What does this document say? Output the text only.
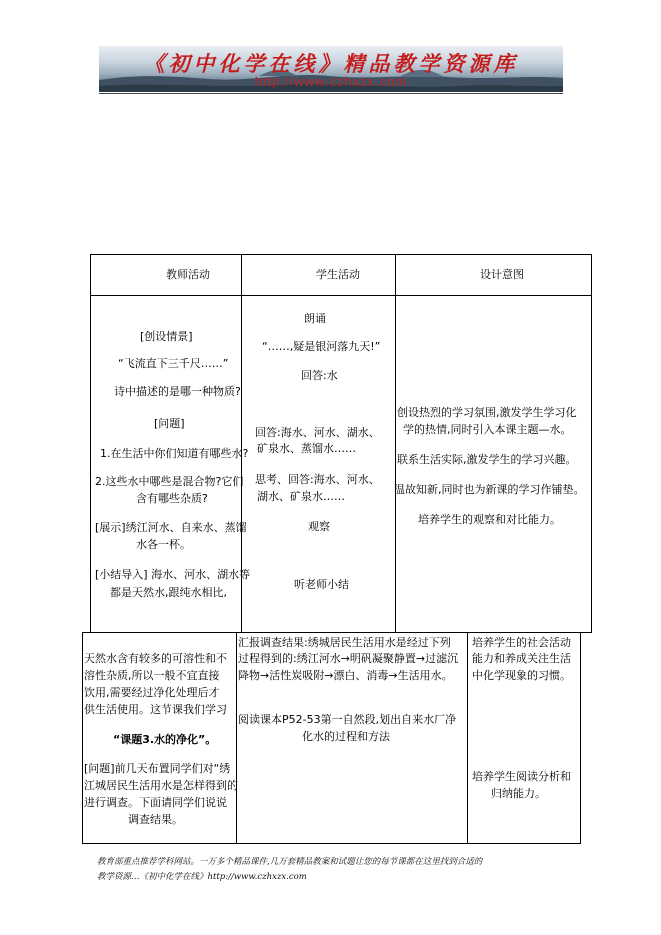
《初中化学在线》精品教学资源库
http://www.czhxzx.com
教师活动	学生活动	设计意图
[创设情景]
“飞流直下三千尺……”
诗中描述的是哪一种物质?
[问题]
1.在生活中你们知道有哪些水?
2.这些水中哪些是混合物?它们
含有哪些杂质?
[展示]绣江河水、自来水、蒸馏
水各一杯。
[小结导入] 海水、河水、湖水等
都是天然水,跟纯水相比,
朗诵
“……,疑是银河落九天!”
回答:水
回答:海水、河水、湖水、
矿泉水、蒸馏水……
思考、回答:海水、河水、
湖水、矿泉水……
观察
听老师小结
创设热烈的学习氛围,激发学生学习化
学的热情,同时引入本课主题—水。
联系生活实际,激发学生的学习兴趣。
温故知新,同时也为新课的学习作铺垫。
培养学生的观察和对比能力。
天然水含有较多的可溶性和不
溶性杂质,所以一般不宜直接
饮用,需要经过净化处理后才
供生活使用。这节课我们学习
“课题3.水的净化”。
[问题]前几天布置同学们对“绣
江城居民生活用水是怎样得到的
进行调查。下面请同学们说说
调查结果。
汇报调查结果:绣城居民生活用水是经过下列
过程得到的:绣江河水→明矾凝聚静置→过滤沉
降物→活性炭吸附→漂白、消毒→生活用水。
阅读课本P52-53第一自然段,划出自来水厂净
化水的过程和方法
培养学生的社会活动
能力和养成关注生活
中化学现象的习惯。
培养学生阅读分析和
归纳能力。
教育部重点推荐学科网站。一万多个精品课件,几万套精品教案和试题让您的每节课都在这里找到合适的
教学资源…《初中化学在线》http://www.czhxzx.com
